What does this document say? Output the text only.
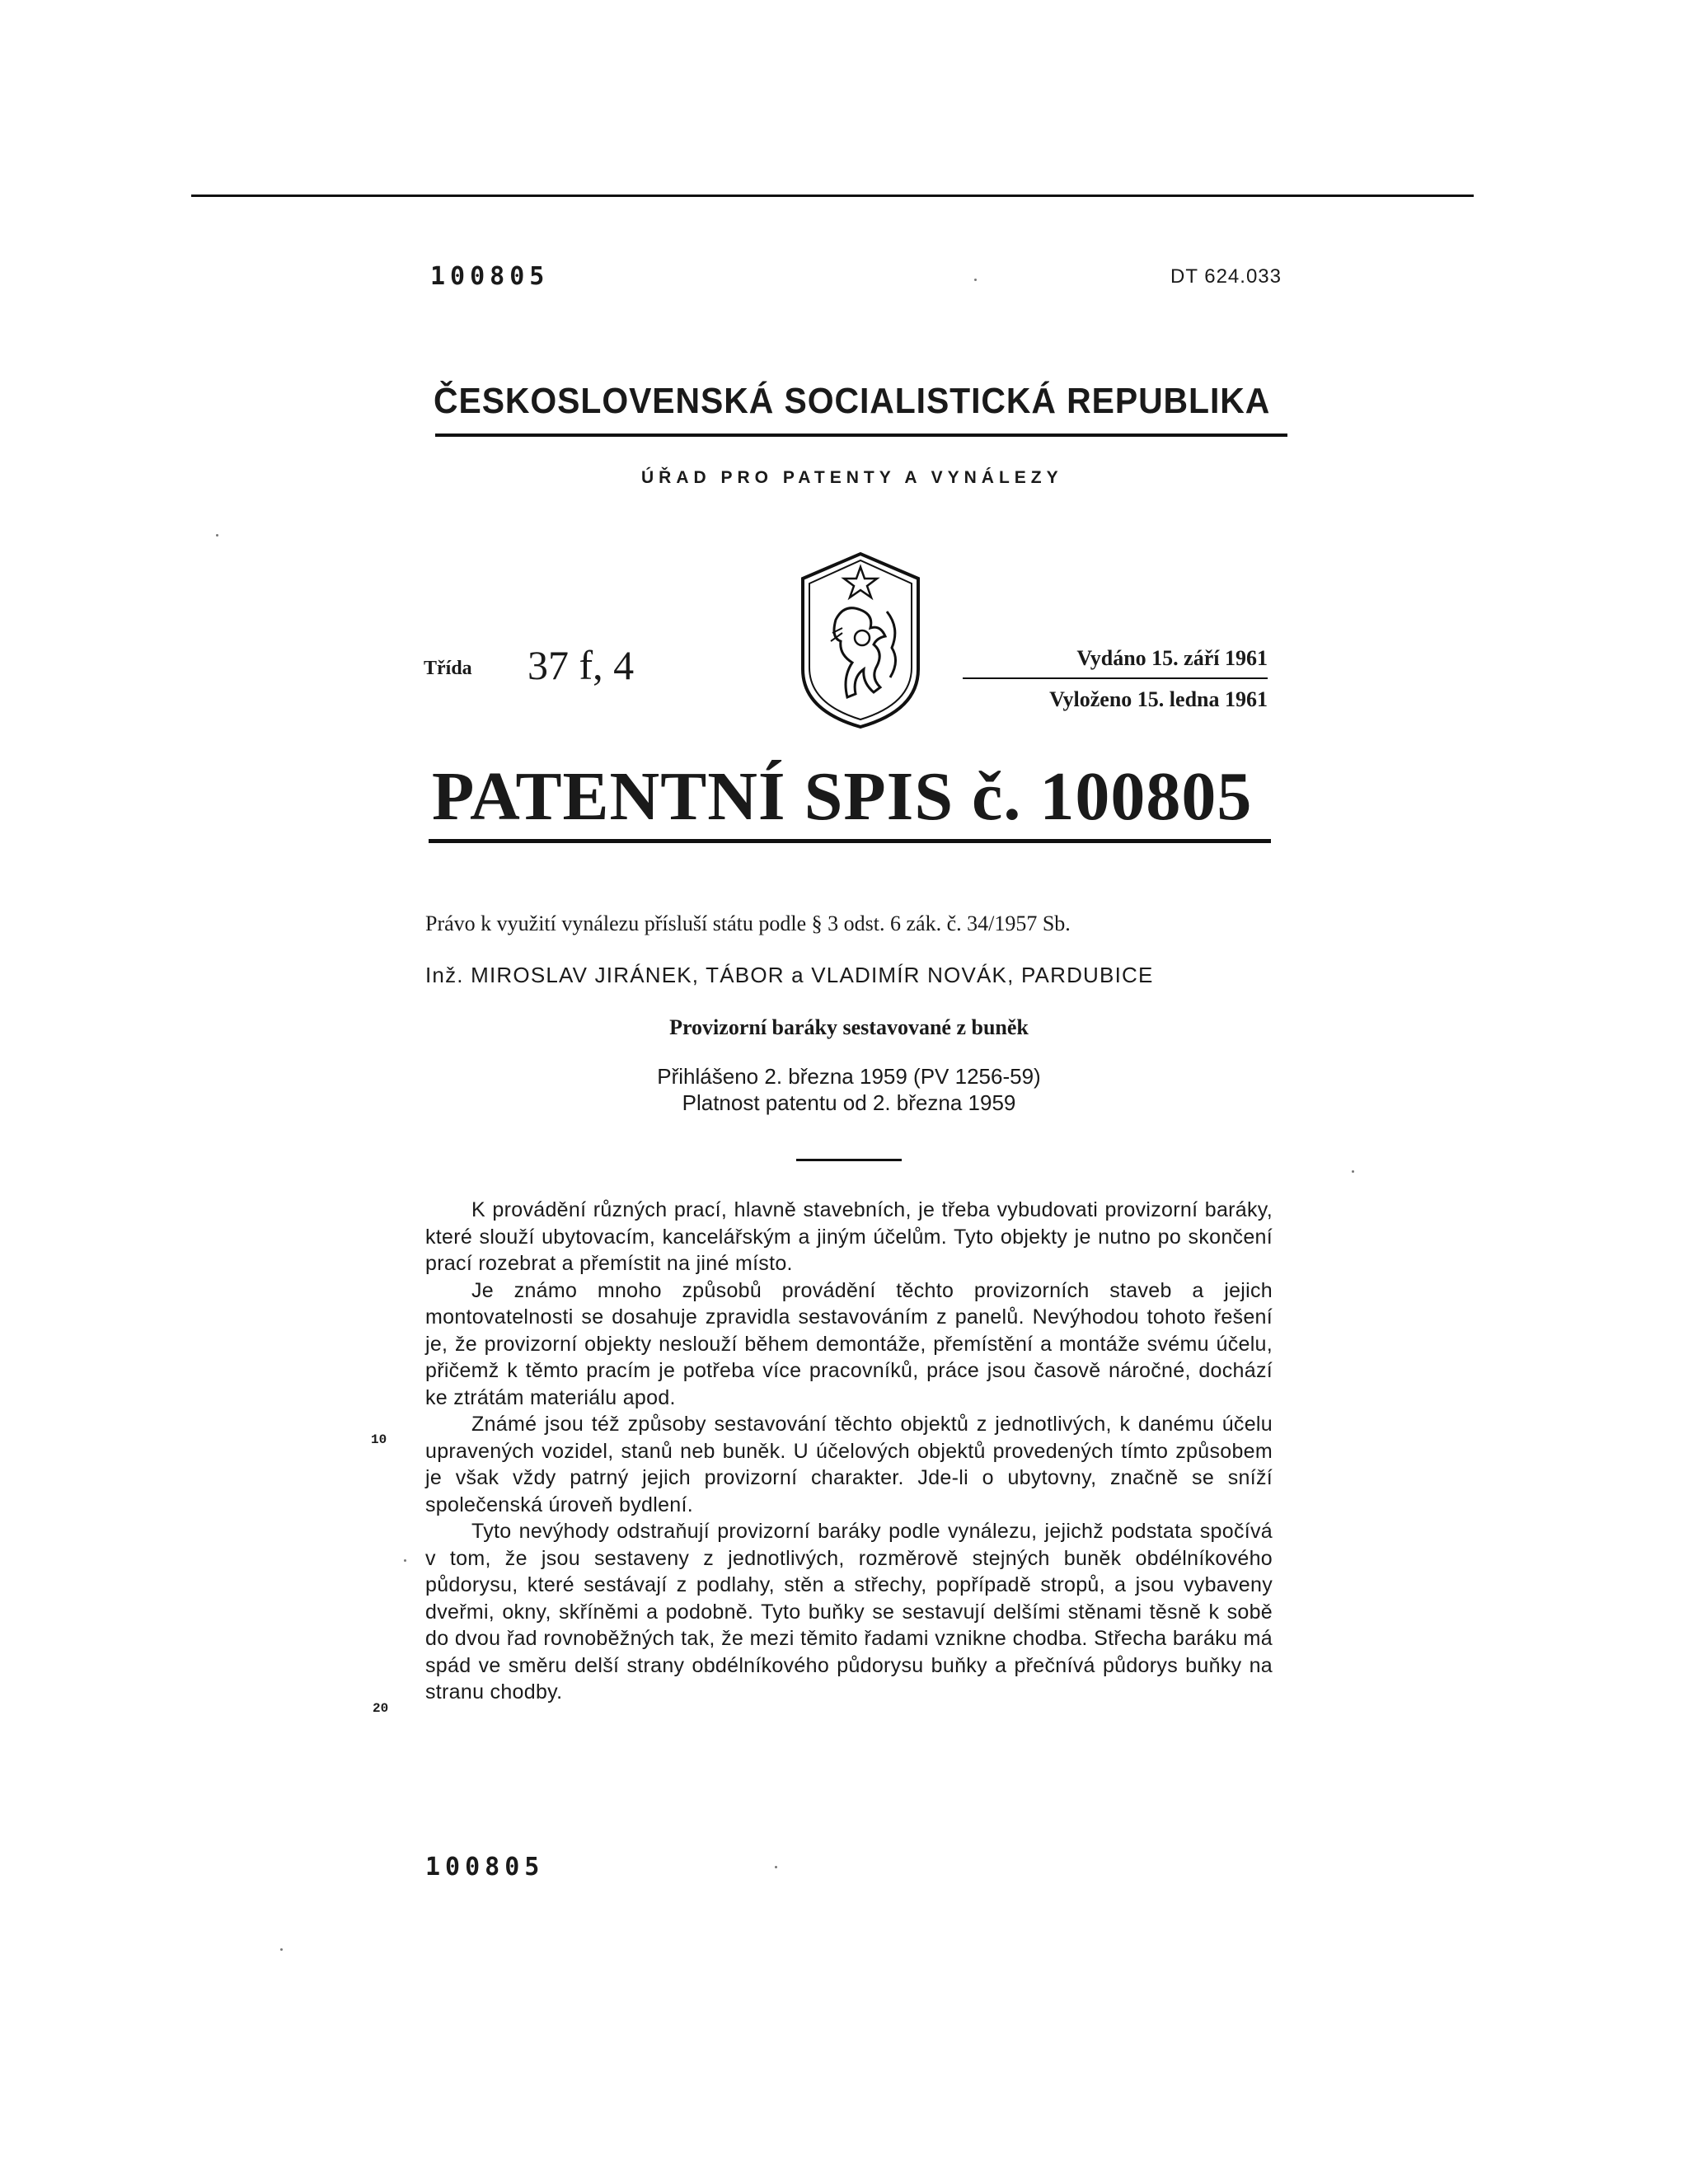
100805	DT 624.033
ČESKOSLOVENSKÁ SOCIALISTICKÁ REPUBLIKA
ÚŘAD PRO PATENTY A VYNÁLEZY
Třída 37 f, 4	Vydáno 15. září 1961
Vyloženo 15. ledna 1961
PATENTNÍ SPIS č. 100805
Právo k využití vynálezu přísluší státu podle § 3 odst. 6 zák. č. 34/1957 Sb.
Inž. MIROSLAV JIRÁNEK, TÁBOR a VLADIMÍR NOVÁK, PARDUBICE
Provizorní baráky sestavované z buněk
Přihlášeno 2. března 1959 (PV 1256-59)
Platnost patentu od 2. března 1959

K provádění různých prací, hlavně stavebních, je třeba vybudovati provizorní baráky, které slouží ubytovacím, kancelářským a jiným účelům. Tyto objekty je nutno po skončení prací rozebrat a přemístit na jiné místo.

Je známo mnoho způsobů provádění těchto provizorních staveb a jejich montovatelnosti se dosahuje zpravidla sestavováním z panelů. Nevýhodou tohoto řešení je, že provizorní objekty neslouží během demontáže, přemístění a montáže svému účelu, přičemž k těmto pracím je potřeba více pracovníků, práce jsou časově náročné, dochází ke ztrátám materiálu apod.

Známé jsou též způsoby sestavování těchto objektů z jednotlivých, k danému účelu upravených vozidel, stanů neb buněk. U účelových objektů provedených tímto způsobem je však vždy patrný jejich provizorní charakter. Jde-li o ubytovny, značně se sníží společenská úroveň bydlení.

Tyto nevýhody odstraňují provizorní baráky podle vynálezu, jejichž podstata spočívá v tom, že jsou sestaveny z jednotlivých, rozměrově stejných buněk obdélníkového půdorysu, které sestávají z podlahy, stěn a střechy, popřípadě stropů, a jsou vybaveny dveřmi, okny, skříněmi a podobně. Tyto buňky se sestavují delšími stěnami těsně k sobě do dvou řad rovnoběžných tak, že mezi těmito řadami vznikne chodba. Střecha baráku má spád ve směru delší strany obdélníkového půdorysu buňky a přečnívá půdorys buňky na stranu chodby.

10
20
100805
